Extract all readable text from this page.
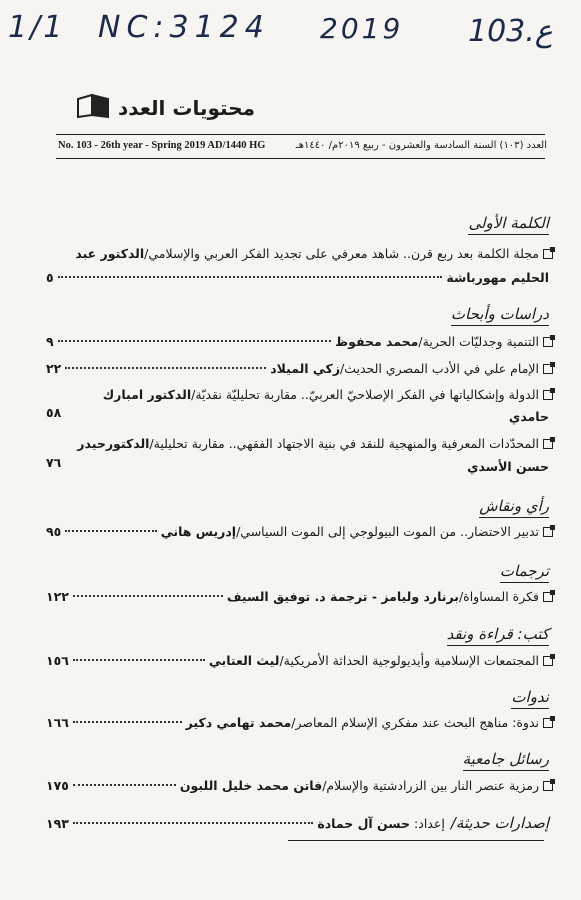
1/1 NC:3124 2019 103.ع
محتويات العدد
No. 103 - 26th year - Spring 2019 AD/1440 HG	العدد (١٠٣) السنة السادسة والعشرون - ربيع ٢٠١٩م/ ١٤٤٠هـ
الكلمة الأولى
مجلة الكلمة بعد ربع قرن.. شاهد معرفي على تجديد الفكر العربي والإسلامي/
الدكتور عبد
الحليم مهورباشة
٥
دراسات وأبحاث
التنمية وجدليّات الحرية/
محمد محفوظ
٩
الإمام علي في الأدب المصري الحديث/
زكي الميلاد
٢٢
الدولة وإشكالياتها في الفكر الإصلاحيّ العربيّ.. مقاربة تحليليّة نقديّة/
الدكتور امبارك
حامدي
٥٨
المحدّدات المعرفية والمنهجية للنقد في بنية الاجتهاد الفقهي.. مقاربة تحليلية/
الدكتورحيدر
حسن الأسدي
٧٦
رأي ونقاش
تدبير الاحتضار.. من الموت البيولوجي إلى الموت السياسي/
إدريس هاني
٩٥
ترجمات
فكرة المساواة/
برنارد وليامز - ترجمة د. توفيق السيف
١٢٢
كتب: قراءة ونقد
المجتمعات الإسلامية وأيديولوجية الحداثة الأمريكية/
ليث العتابي
١٥٦
ندوات
ندوة: مناهج البحث عند مفكري الإسلام المعاصر/
محمد تهامي دكير
١٦٦
رسائل جامعية
رمزية عنصر النار بين الزرادشتية والإسلام/
فاتن محمد خليل اللبون
١٧٥
إصدارات حديثة/
إعداد:
حسن آل حمادة
١٩٣
